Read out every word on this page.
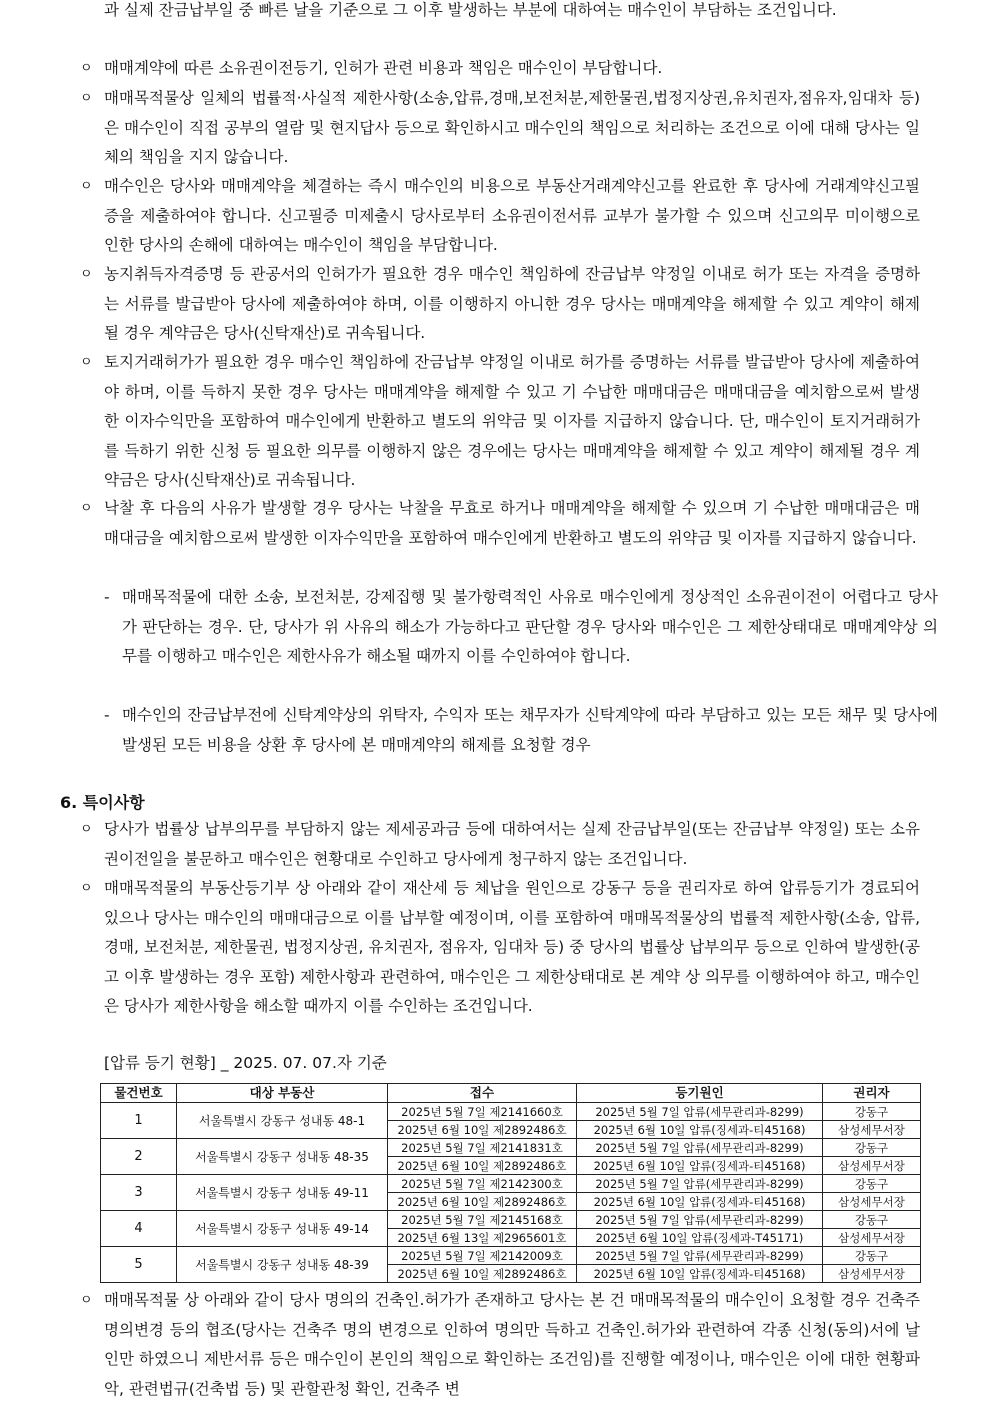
과 실제 잔금납부일 중 빠른 날을 기준으로 그 이후 발생하는 부분에 대하여는 매수인이 부담하는 조건입니다.

ㅇ 매매계약에 따른 소유권이전등기, 인허가 관련 비용과 책임은 매수인이 부담합니다.

ㅇ 매매목적물상 일체의 법률적·사실적 제한사항(소송,압류,경매,보전처분,제한물권,법정지상권,유치권자,점유자,임대차 등)은 매수인이 직접 공부의 열람 및 현지답사 등으로 확인하시고 매수인의 책임으로 처리하는 조건으로 이에 대해 당사는 일체의 책임을 지지 않습니다.

ㅇ 매수인은 당사와 매매계약을 체결하는 즉시 매수인의 비용으로 부동산거래계약신고를 완료한 후 당사에 거래계약신고필증을 제출하여야 합니다. 신고필증 미제출시 당사로부터 소유권이전서류 교부가 불가할 수 있으며 신고의무 미이행으로 인한 당사의 손해에 대하여는 매수인이 책임을 부담합니다.

ㅇ 농지취득자격증명 등 관공서의 인허가가 필요한 경우 매수인 책임하에 잔금납부 약정일 이내로 허가 또는 자격을 증명하는 서류를 발급받아 당사에 제출하여야 하며, 이를 이행하지 아니한 경우 당사는 매매계약을 해제할 수 있고 계약이 해제될 경우 계약금은 당사(신탁재산)로 귀속됩니다.

ㅇ 토지거래허가가 필요한 경우 매수인 책임하에 잔금납부 약정일 이내로 허가를 증명하는 서류를 발급받아 당사에 제출하여야 하며, 이를 득하지 못한 경우 당사는 매매계약을 해제할 수 있고 기 수납한 매매대금은 매매대금을 예치함으로써 발생한 이자수익만을 포함하여 매수인에게 반환하고 별도의 위약금 및 이자를 지급하지 않습니다. 단, 매수인이 토지거래허가를 득하기 위한 신청 등 필요한 의무를 이행하지 않은 경우에는 당사는 매매계약을 해제할 수 있고 계약이 해제될 경우 계약금은 당사(신탁재산)로 귀속됩니다.

ㅇ 낙찰 후 다음의 사유가 발생할 경우 당사는 낙찰을 무효로 하거나 매매계약을 해제할 수 있으며 기 수납한 매매대금은 매매대금을 예치함으로써 발생한 이자수익만을 포함하여 매수인에게 반환하고 별도의 위약금 및 이자를 지급하지 않습니다.

- 매매목적물에 대한 소송, 보전처분, 강제집행 및 불가항력적인 사유로 매수인에게 정상적인 소유권이전이 어렵다고 당사가 판단하는 경우. 단, 당사가 위 사유의 해소가 가능하다고 판단할 경우 당사와 매수인은 그 제한상태대로 매매계약상 의무를 이행하고 매수인은 제한사유가 해소될 때까지 이를 수인하여야 합니다.

- 매수인의 잔금납부전에 신탁계약상의 위탁자, 수익자 또는 채무자가 신탁계약에 따라 부담하고 있는 모든 채무 및 당사에 발생된 모든 비용을 상환 후 당사에 본 매매계약의 해제를 요청할 경우

6. 특이사항

ㅇ 당사가 법률상 납부의무를 부담하지 않는 제세공과금 등에 대하여서는 실제 잔금납부일(또는 잔금납부 약정일) 또는 소유권이전일을 불문하고 매수인은 현황대로 수인하고 당사에게 청구하지 않는 조건입니다.

ㅇ 매매목적물의 부동산등기부 상 아래와 같이 재산세 등 체납을 원인으로 강동구 등을 권리자로 하여 압류등기가 경료되어 있으나 당사는 매수인의 매매대금으로 이를 납부할 예정이며, 이를 포함하여 매매목적물상의 법률적 제한사항(소송, 압류, 경매, 보전처분, 제한물권, 법정지상권, 유치권자, 점유자, 임대차 등) 중 당사의 법률상 납부의무 등으로 인하여 발생한(공고 이후 발생하는 경우 포함) 제한사항과 관련하여, 매수인은 그 제한상태대로 본 계약 상 의무를 이행하여야 하고, 매수인은 당사가 제한사항을 해소할 때까지 이를 수인하는 조건입니다.

[압류 등기 현황] _ 2025. 07. 07.자 기준

물건번호	대상 부동산	접수	등기원인	권리자
1	서울특별시 강동구 성내동 48-1	2025년 5월 7일 제2141660호	2025년 5월 7일 압류(세무관리과-8299)	강동구
		2025년 6월 10일 제2892486호	2025년 6월 10일 압류(징세과-티45168)	삼성세무서장
2	서울특별시 강동구 성내동 48-35	2025년 5월 7일 제2141831호	2025년 5월 7일 압류(세무관리과-8299)	강동구
		2025년 6월 10일 제2892486호	2025년 6월 10일 압류(징세과-티45168)	삼성세무서장
3	서울특별시 강동구 성내동 49-11	2025년 5월 7일 제2142300호	2025년 5월 7일 압류(세무관리과-8299)	강동구
		2025년 6월 10일 제2892486호	2025년 6월 10일 압류(징세과-티45168)	삼성세무서장
4	서울특별시 강동구 성내동 49-14	2025년 5월 7일 제2145168호	2025년 5월 7일 압류(세무관리과-8299)	강동구
		2025년 6월 13일 제2965601호	2025년 6월 10일 압류(징세과-T45171)	삼성세무서장
5	서울특별시 강동구 성내동 48-39	2025년 5월 7일 제2142009호	2025년 5월 7일 압류(세무관리과-8299)	강동구
		2025년 6월 10일 제2892486호	2025년 6월 10일 압류(징세과-티45168)	삼성세무서장

ㅇ 매매목적물 상 아래와 같이 당사 명의의 건축인.허가가 존재하고 당사는 본 건 매매목적물의 매수인이 요청할 경우 건축주 명의변경 등의 협조(당사는 건축주 명의 변경으로 인하여 명의만 득하고 건축인.허가와 관련하여 각종 신청(동의)서에 날인만 하였으니 제반서류 등은 매수인이 본인의 책임으로 확인하는 조건임)를 진행할 예정이나, 매수인은 이에 대한 현황파악, 관련법규(건축법 등) 및 관할관청 확인, 건축주 변
